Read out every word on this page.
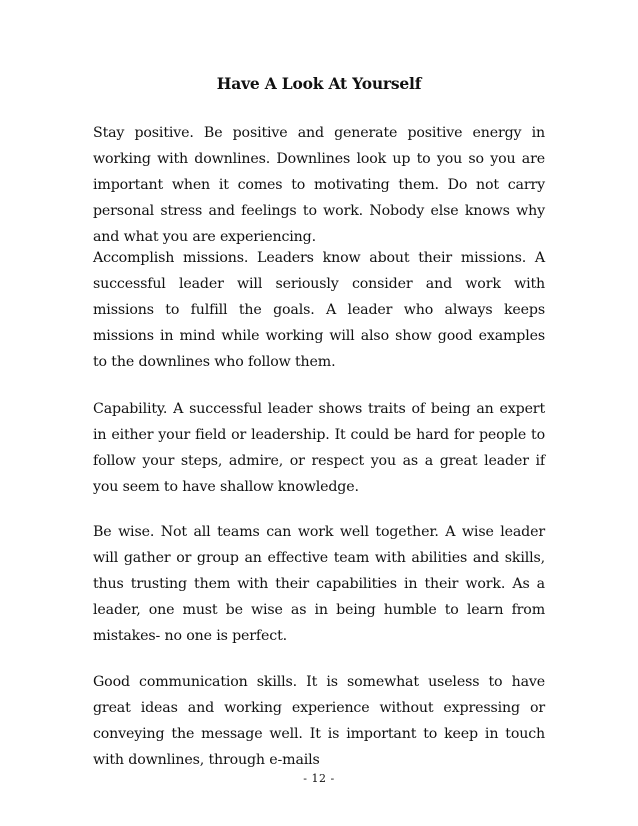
Have A Look At Yourself

Stay positive. Be positive and generate positive energy in working with downlines. Downlines look up to you so you are important when it comes to motivating them. Do not carry personal stress and feelings to work. Nobody else knows why and what you are experiencing.

Accomplish missions. Leaders know about their missions. A successful leader will seriously consider and work with missions to fulfill the goals. A leader who always keeps missions in mind while working will also show good examples to the downlines who follow them.

Capability. A successful leader shows traits of being an expert in either your field or leadership. It could be hard for people to follow your steps, admire, or respect you as a great leader if you seem to have shallow knowledge.

Be wise. Not all teams can work well together. A wise leader will gather or group an effective team with abilities and skills, thus trusting them with their capabilities in their work. As a leader, one must be wise as in being humble to learn from mistakes- no one is perfect.

Good communication skills. It is somewhat useless to have great ideas and working experience without expressing or conveying the message well. It is important to keep in touch with downlines, through e-mails

- 12 -
